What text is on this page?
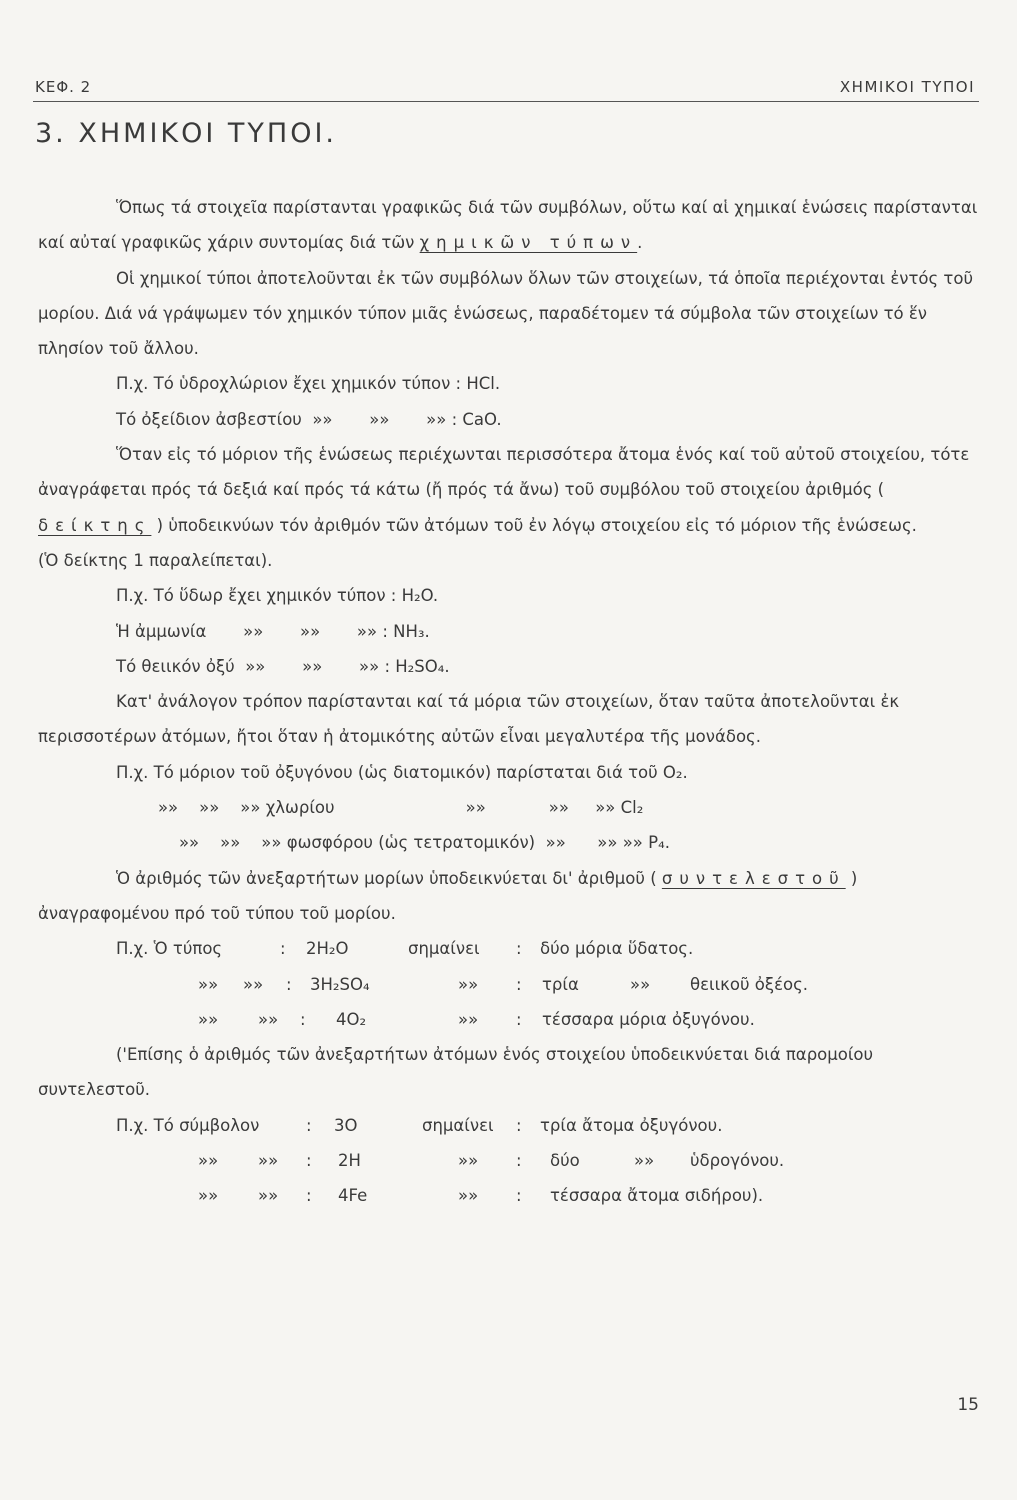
ΚΕΦ. 2	ΧΗΜΙΚΟΙ ΤΥΠΟΙ
3. ΧΗΜΙΚΟΙ ΤΥΠΟΙ.

Ὅπως τά στοιχεῖα παρίστανται γραφικῶς διά τῶν συμβόλων, οὕτω καί αἱ χημικαί ἑνώσεις παρίστανται καί αὐταί γραφικῶς χάριν συντομίας διά τῶν χημικῶν τύπων.

Οἱ χημικοί τύποι ἀποτελοῦνται ἐκ τῶν συμβόλων ὅλων τῶν στοιχείων, τά ὁποῖα περιέχονται ἐντός τοῦ μορίου. Διά νά γράψωμεν τόν χημικόν τύπον μιᾶς ἑνώσεως, παραδέτομεν τά σύμβολα τῶν στοιχείων τό ἕν πλησίον τοῦ ἄλλου.

Π.χ. Τό ὑδροχλώριον ἔχει χημικόν τύπον : HCl.

Τό ὀξείδιον ἀσβεστίου  »»       »»       »» : CaO.

Ὅταν εἰς τό μόριον τῆς ἑνώσεως περιέχωνται περισσότερα ἄτομα ἑνός καί τοῦ αὐτοῦ στοιχείου, τότε ἀναγράφεται πρός τά δεξιά καί πρός τά κάτω (ἤ πρός τά ἄνω) τοῦ συμβόλου τοῦ στοιχείου ἀριθμός ( δείκτης ) ὑποδεικνύων τόν ἀριθμόν τῶν ἀτόμων τοῦ ἐν λόγῳ στοιχείου εἰς τό μόριον τῆς ἑνώσεως.

(Ὁ δείκτης 1 παραλείπεται).

Π.χ. Τό ὕδωρ ἔχει χημικόν τύπον : H₂O.

Ἡ ἀμμωνία       »»       »»       »» : NH₃.

Τό θειικόν ὀξύ  »»       »»       »» : H₂SO₄.

Κατ' ἀνάλογον τρόπον παρίστανται καί τά μόρια τῶν στοιχείων, ὅταν ταῦτα ἀποτελοῦνται ἐκ περισσοτέρων ἀτόμων, ἤτοι ὅταν ἡ ἀτομικότης αὐτῶν εἶναι μεγαλυτέρα τῆς μονάδος.

Π.χ. Τό μόριον τοῦ ὀξυγόνου (ὡς διατομικόν) παρίσταται διά τοῦ O₂.

»»    »»    »» χλωρίου                         »»            »»     »» Cl₂

»»    »»    »» φωσφόρου (ὡς τετρατομικόν)  »»      »» »» P₄.

Ὁ ἀριθμός τῶν ἀνεξαρτήτων μορίων ὑποδεικνύεται δι' ἀριθμοῦ ( συντελεστοῦ ) ἀναγραφομένου πρό τοῦ τύπου τοῦ μορίου.

Π.χ. Ὁ τύπος	: 2H₂O	σημαίνει : δύο μόρια ὕδατος.
»» »» : 3H₂SO₄	»» : τρία	»» θειικοῦ ὀξέος.
»» »» : 4O₂	»» : τέσσαρα μόρια ὀξυγόνου.

('Επίσης ὁ ἀριθμός τῶν ἀνεξαρτήτων ἀτόμων ἑνός στοιχείου ὑποδεικνύεται διά παρομοίου συντελεστοῦ.

Π.χ. Τό σύμβολον	: 3O	σημαίνει : τρία ἄτομα ὀξυγόνου.
»» »» : 2H	»» : δύο	»» ὑδρογόνου.
»» »» : 4Fe	»» : τέσσαρα ἄτομα σιδήρου).
15
